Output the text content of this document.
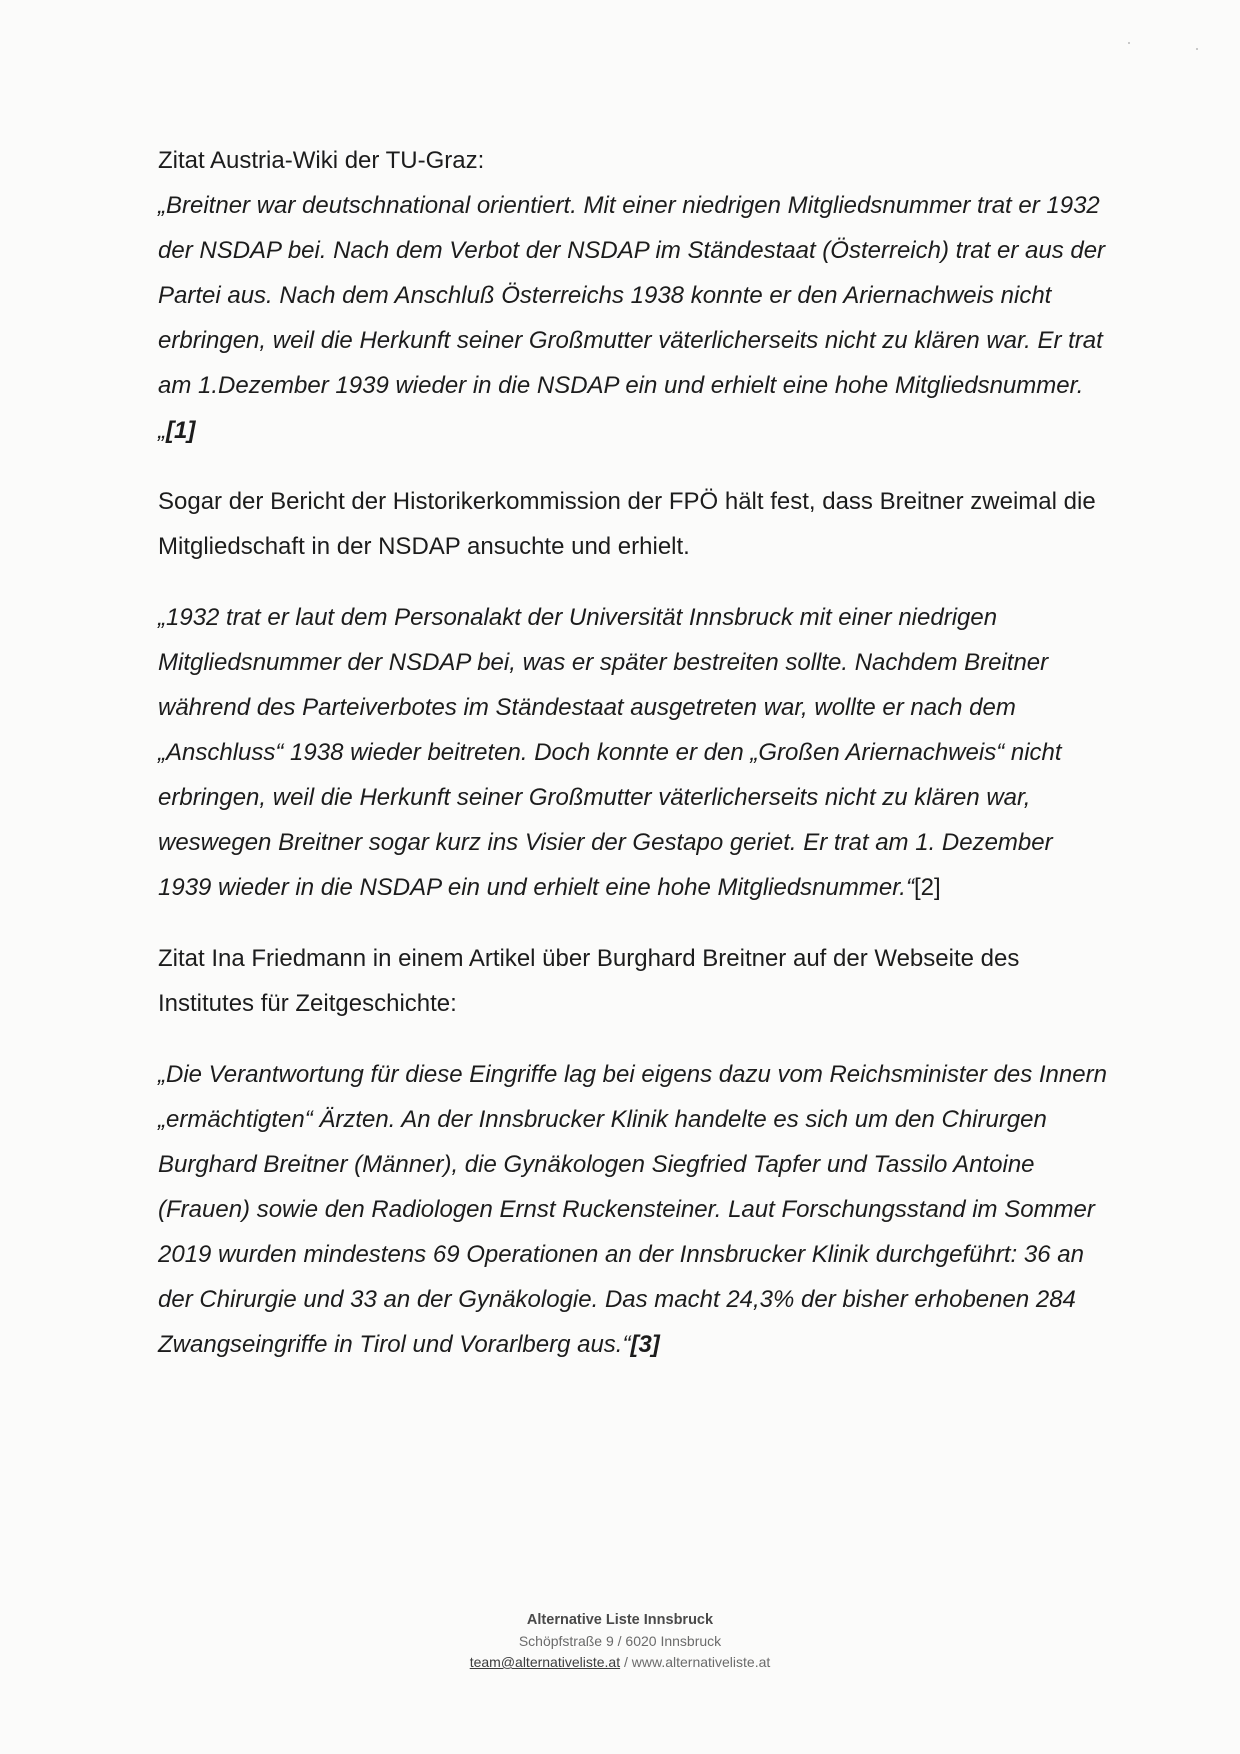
Zitat Austria-Wiki der TU-Graz:

„Breitner war deutschnational orientiert. Mit einer niedrigen Mitgliedsnummer trat er 1932 der NSDAP bei. Nach dem Verbot der NSDAP im Ständestaat (Österreich) trat er aus der Partei aus. Nach dem Anschluß Österreichs 1938 konnte er den Ariernachweis nicht erbringen, weil die Herkunft seiner Großmutter väterlicherseits nicht zu klären war. Er trat am 1.Dezember 1939 wieder in die NSDAP ein und erhielt eine hohe Mitgliedsnummer. „[1]

Sogar der Bericht der Historikerkommission der FPÖ hält fest, dass Breitner zweimal die Mitgliedschaft in der NSDAP ansuchte und erhielt.

„1932 trat er laut dem Personalakt der Universität Innsbruck mit einer niedrigen Mitgliedsnummer der NSDAP bei, was er später bestreiten sollte. Nachdem Breitner während des Parteiverbotes im Ständestaat ausgetreten war, wollte er nach dem „Anschluss“ 1938 wieder beitreten. Doch konnte er den „Großen Ariernachweis“ nicht erbringen, weil die Herkunft seiner Großmutter väterlicherseits nicht zu klären war, weswegen Breitner sogar kurz ins Visier der Gestapo geriet. Er trat am 1. Dezember 1939 wieder in die NSDAP ein und erhielt eine hohe Mitgliedsnummer.“[2]

Zitat Ina Friedmann in einem Artikel über Burghard Breitner auf der Webseite des Institutes für Zeitgeschichte:

„Die Verantwortung für diese Eingriffe lag bei eigens dazu vom Reichsminister des Innern „ermächtigten“ Ärzten. An der Innsbrucker Klinik handelte es sich um den Chirurgen Burghard Breitner (Männer), die Gynäkologen Siegfried Tapfer und Tassilo Antoine (Frauen) sowie den Radiologen Ernst Ruckensteiner. Laut Forschungsstand im Sommer 2019 wurden mindestens 69 Operationen an der Innsbrucker Klinik durchgeführt: 36 an der Chirurgie und 33 an der Gynäkologie. Das macht 24,3% der bisher erhobenen 284 Zwangseingriffe in Tirol und Vorarlberg aus.“[3]

Alternative Liste Innsbruck
Schöpfstraße 9 / 6020 Innsbruck
team@alternativeliste.at / www.alternativeliste.at
